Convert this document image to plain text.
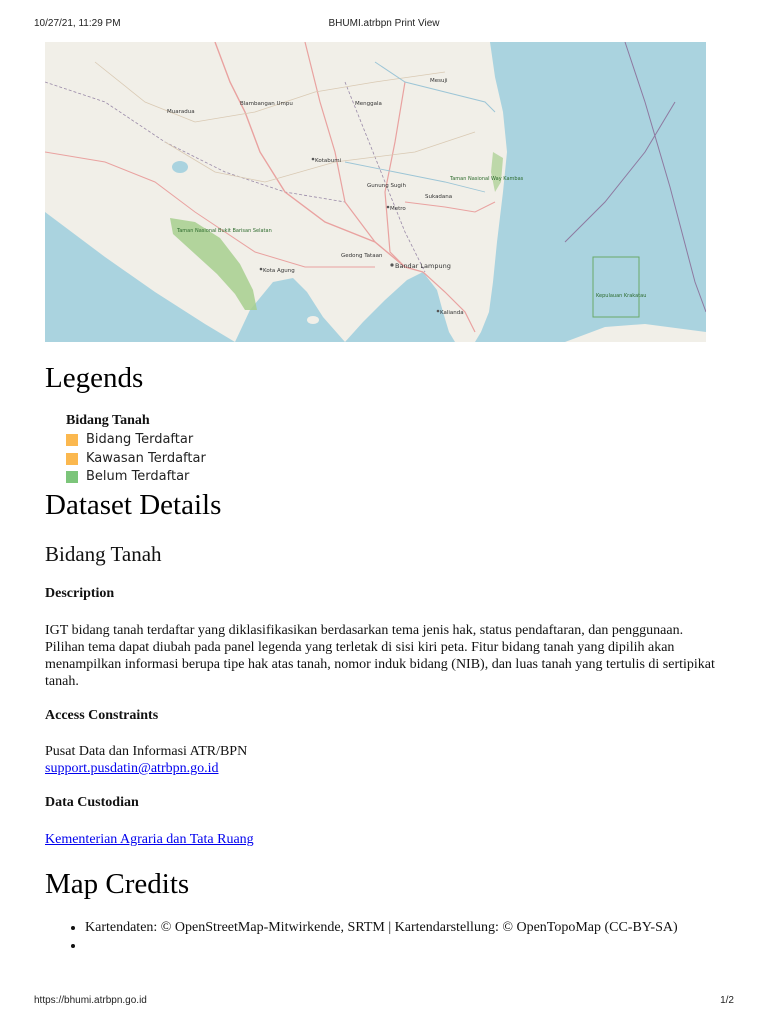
10/27/21, 11:29 PM	BHUMI.atrbpn Print View
Kotabumi
Bandar Lampung
Metro
Kota Agung
Kalianda
Sukadana
Gedong Tataan
Gunung Sugih
Menggala
Blambangan Umpu
Mesuji
Muaradua
Taman Nasional Bukit Barisan Selatan
Taman Nasional Way Kambas
Kepulauan Krakatau
Legends
Bidang Tanah
Bidang Terdaftar
Kawasan Terdaftar
Belum Terdaftar
Dataset Details
Bidang Tanah
Description

IGT bidang tanah terdaftar yang diklasifikasikan berdasarkan tema jenis hak, status pendaftaran, dan penggunaan. Pilihan tema dapat diubah pada panel legenda yang terletak di sisi kiri peta. Fitur bidang tanah yang dipilih akan menampilkan informasi berupa tipe hak atas tanah, nomor induk bidang (NIB), dan luas tanah yang tertulis di sertipikat tanah.

Access Constraints

Pusat Data dan Informasi ATR/BPN
support.pusdatin@atrbpn.go.id

Data Custodian

Kementerian Agraria dan Tata Ruang

Map Credits
• Kartendaten: © OpenStreetMap-Mitwirkende, SRTM | Kartendarstellung: © OpenTopoMap (CC-BY-SA)
•
https://bhumi.atrbpn.go.id	1/2
